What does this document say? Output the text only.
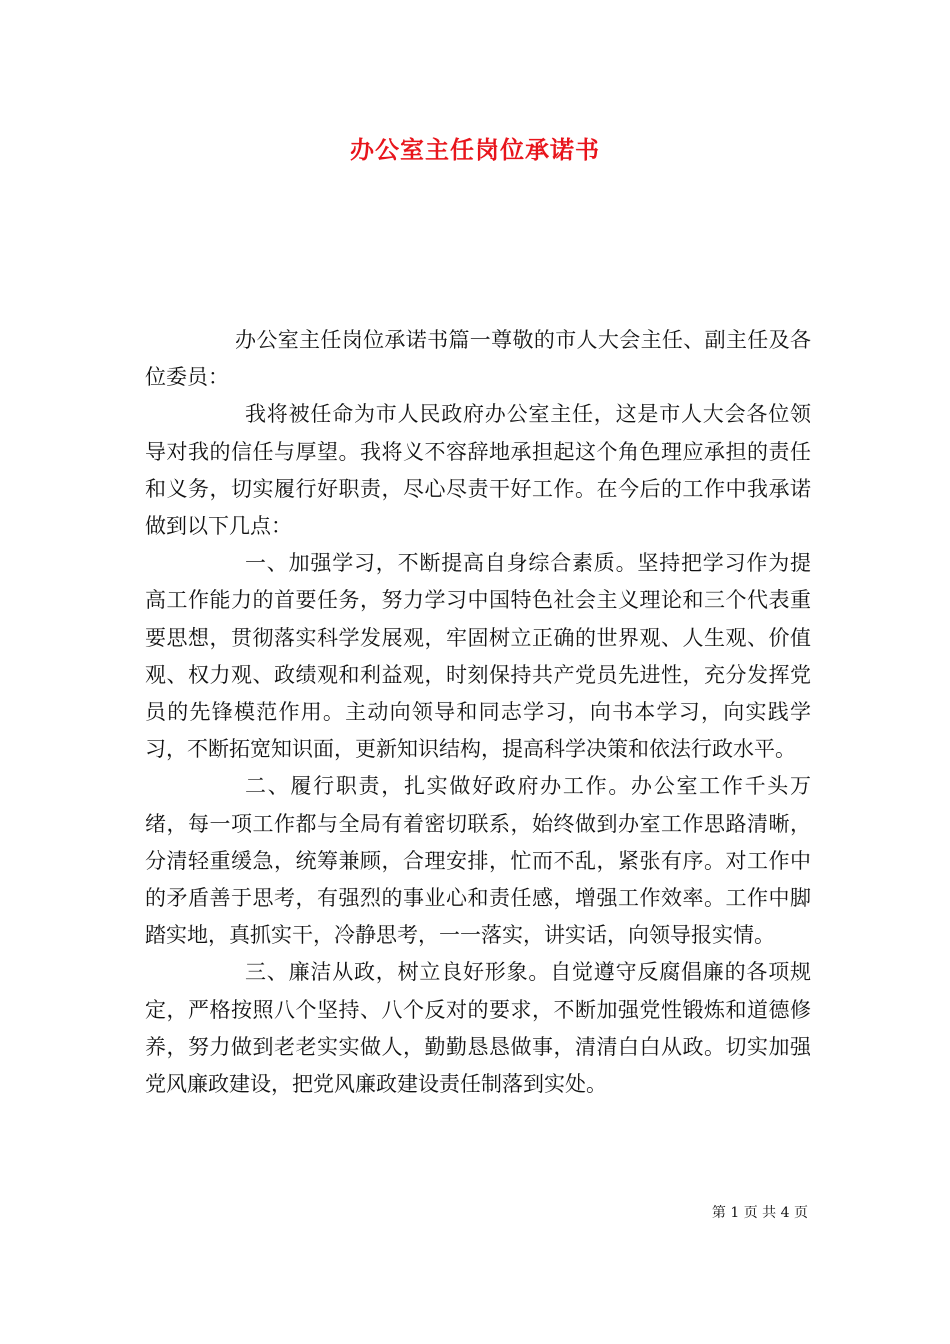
办公室主任岗位承诺书

办公室主任岗位承诺书篇一尊敬的市人大会主任、副主任及各位委员：

我将被任命为市人民政府办公室主任，这是市人大会各位领导对我的信任与厚望。我将义不容辞地承担起这个角色理应承担的责任和义务，切实履行好职责，尽心尽责干好工作。在今后的工作中我承诺做到以下几点：

一、加强学习，不断提高自身综合素质。坚持把学习作为提高工作能力的首要任务，努力学习中国特色社会主义理论和三个代表重要思想，贯彻落实科学发展观，牢固树立正确的世界观、人生观、价值观、权力观、政绩观和利益观，时刻保持共产党员先进性，充分发挥党员的先锋模范作用。主动向领导和同志学习，向书本学习，向实践学习，不断拓宽知识面，更新知识结构，提高科学决策和依法行政水平。

二、履行职责，扎实做好政府办工作。办公室工作千头万绪，每一项工作都与全局有着密切联系，始终做到办室工作思路清晰，分清轻重缓急，统筹兼顾，合理安排，忙而不乱，紧张有序。对工作中的矛盾善于思考，有强烈的事业心和责任感，增强工作效率。工作中脚踏实地，真抓实干，冷静思考，一一落实，讲实话，向领导报实情。

三、廉洁从政，树立良好形象。自觉遵守反腐倡廉的各项规定，严格按照八个坚持、八个反对的要求，不断加强党性锻炼和道德修养，努力做到老老实实做人，勤勤恳恳做事，清清白白从政。切实加强党风廉政建设，把党风廉政建设责任制落到实处。

第 1 页 共 4 页
